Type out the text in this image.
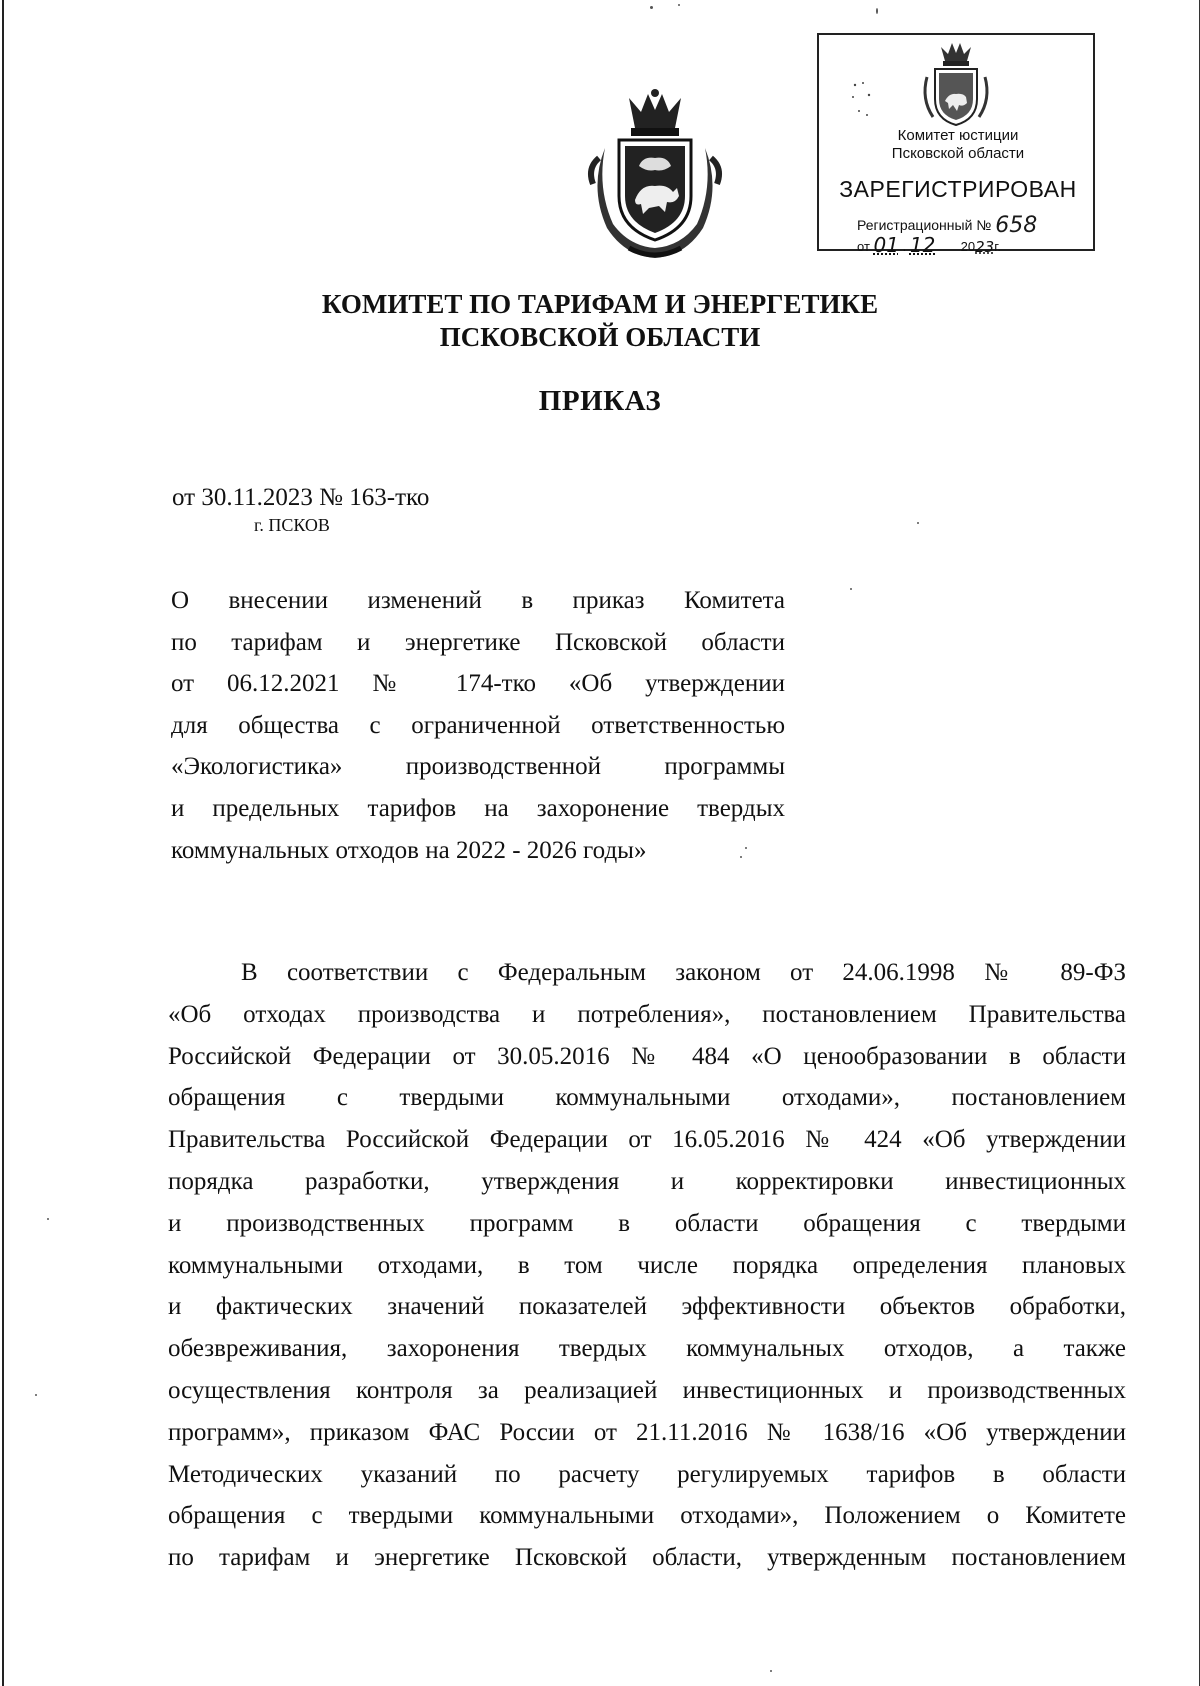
Комитет юстиции
Псковской области
ЗАРЕГИСТРИРОВАН
Регистрационный № 658
от 01 . 12 2023г.
КОМИТЕТ ПО ТАРИФАМ И ЭНЕРГЕТИКЕ
ПСКОВСКОЙ ОБЛАСТИ
ПРИКАЗ
от 30.11.2023 № 163-тко
г. ПСКОВ
О внесении изменений в приказ Комитета
по тарифам и энергетике Псковской области
от 06.12.2021 № 174-тко «Об утверждении
для общества с ограниченной ответственностью
«Экологистика» производственной программы
и предельных тарифов на захоронение твердых
коммунальных отходов на 2022 - 2026 годы»
В соответствии с Федеральным законом от 24.06.1998 № 89-ФЗ
«Об отходах производства и потребления», постановлением Правительства
Российской Федерации от 30.05.2016 № 484 «О ценообразовании в области
обращения с твердыми коммунальными отходами», постановлением
Правительства Российской Федерации от 16.05.2016 № 424 «Об утверждении
порядка разработки, утверждения и корректировки инвестиционных
и производственных программ в области обращения с твердыми
коммунальными отходами, в том числе порядка определения плановых
и фактических значений показателей эффективности объектов обработки,
обезвреживания, захоронения твердых коммунальных отходов, а также
осуществления контроля за реализацией инвестиционных и производственных
программ», приказом ФАС России от 21.11.2016 № 1638/16 «Об утверждении
Методических указаний по расчету регулируемых тарифов в области
обращения с твердыми коммунальными отходами», Положением о Комитете
по тарифам и энергетике Псковской области, утвержденным постановлением
